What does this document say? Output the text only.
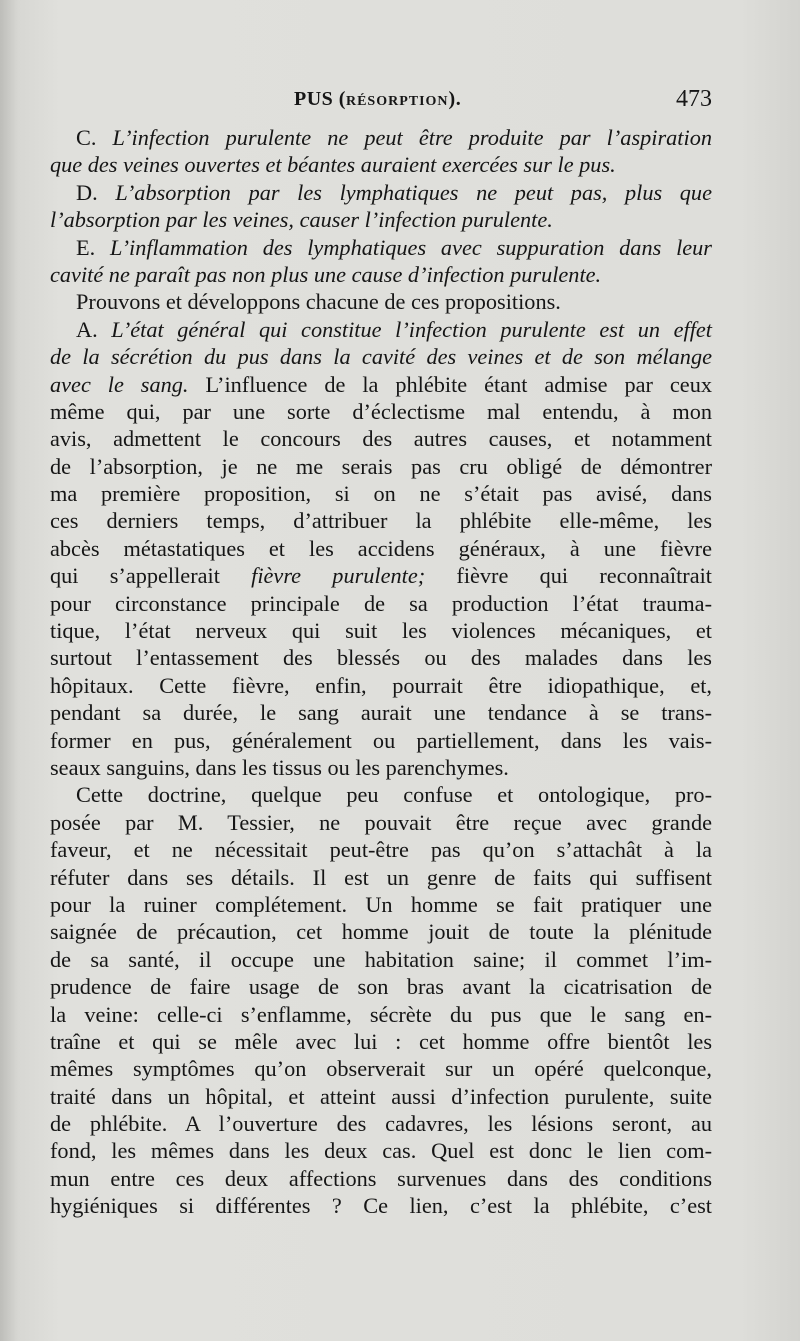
PUS (RÉSORPTION).	473
C. L’infection purulente ne peut être produite par l’aspiration
que des veines ouvertes et béantes auraient exercées sur le pus.
D. L’absorption par les lymphatiques ne peut pas, plus que
l’absorption par les veines, causer l’infection purulente.
E. L’inflammation des lymphatiques avec suppuration dans leur
cavité ne paraît pas non plus une cause d’infection purulente.
Prouvons et développons chacune de ces propositions.
A. L’état général qui constitue l’infection purulente est un effet
de la sécrétion du pus dans la cavité des veines et de son mélange
avec le sang. L’influence de la phlébite étant admise par ceux
même qui, par une sorte d’éclectisme mal entendu, à mon
avis, admettent le concours des autres causes, et notamment
de l’absorption, je ne me serais pas cru obligé de démontrer
ma première proposition, si on ne s’était pas avisé, dans
ces derniers temps, d’attribuer la phlébite elle-même, les
abcès métastatiques et les accidens généraux, à une fièvre
qui s’appellerait fièvre purulente; fièvre qui reconnaîtrait
pour circonstance principale de sa production l’état trauma-
tique, l’état nerveux qui suit les violences mécaniques, et
surtout l’entassement des blessés ou des malades dans les
hôpitaux. Cette fièvre, enfin, pourrait être idiopathique, et,
pendant sa durée, le sang aurait une tendance à se trans-
former en pus, généralement ou partiellement, dans les vais-
seaux sanguins, dans les tissus ou les parenchymes.
Cette doctrine, quelque peu confuse et ontologique, pro-
posée par M. Tessier, ne pouvait être reçue avec grande
faveur, et ne nécessitait peut-être pas qu’on s’attachât à la
réfuter dans ses détails. Il est un genre de faits qui suffisent
pour la ruiner complétement. Un homme se fait pratiquer une
saignée de précaution, cet homme jouit de toute la plénitude
de sa santé, il occupe une habitation saine; il commet l’im-
prudence de faire usage de son bras avant la cicatrisation de
la veine: celle-ci s’enflamme, sécrète du pus que le sang en-
traîne et qui se mêle avec lui : cet homme offre bientôt les
mêmes symptômes qu’on observerait sur un opéré quelconque,
traité dans un hôpital, et atteint aussi d’infection purulente, suite
de phlébite. A l’ouverture des cadavres, les lésions seront, au
fond, les mêmes dans les deux cas. Quel est donc le lien com-
mun entre ces deux affections survenues dans des conditions
hygiéniques si différentes ? Ce lien, c’est la phlébite, c’est
